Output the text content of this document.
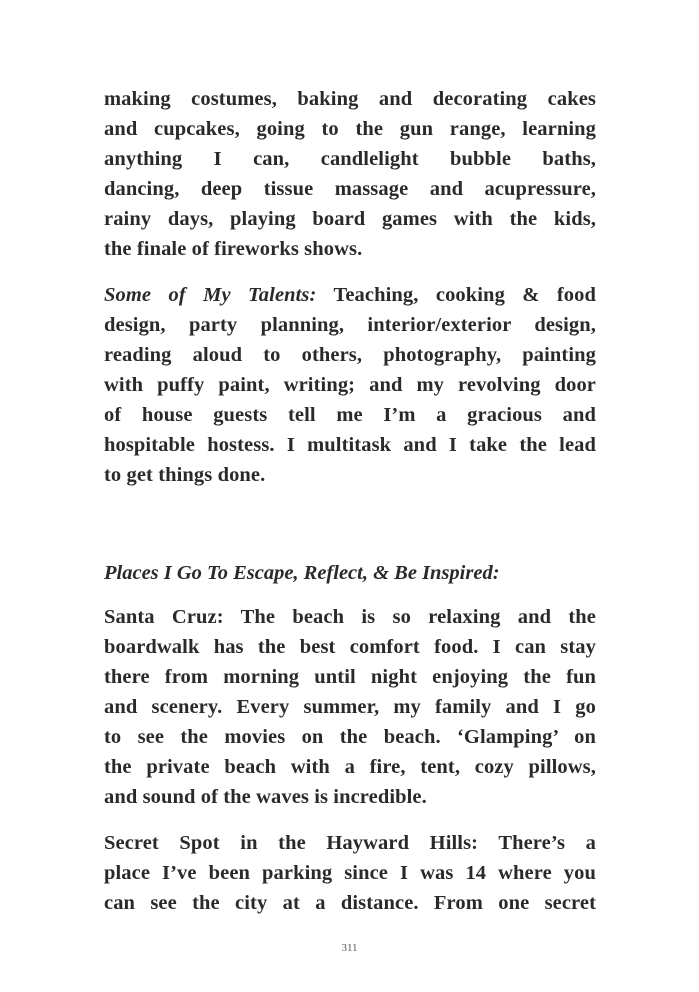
making costumes, baking and decorating cakes
and cupcakes, going to the gun range, learning
anything I can, candlelight bubble baths,
dancing, deep tissue massage and acupressure,
rainy days, playing board games with the kids,
the finale of fireworks shows.

Some of My Talents: Teaching, cooking & food
design, party planning, interior/exterior design,
reading aloud to others, photography, painting
with puffy paint, writing; and my revolving door
of house guests tell me I’m a gracious and
hospitable hostess. I multitask and I take the lead
to get things done.

Places I Go To Escape, Reflect, & Be Inspired:

Santa Cruz: The beach is so relaxing and the
boardwalk has the best comfort food. I can stay
there from morning until night enjoying the fun
and scenery. Every summer, my family and I go
to see the movies on the beach. ‘Glamping’ on
the private beach with a fire, tent, cozy pillows,
and sound of the waves is incredible.

Secret Spot in the Hayward Hills: There’s a
place I’ve been parking since I was 14 where you
can see the city at a distance. From one secret

311
